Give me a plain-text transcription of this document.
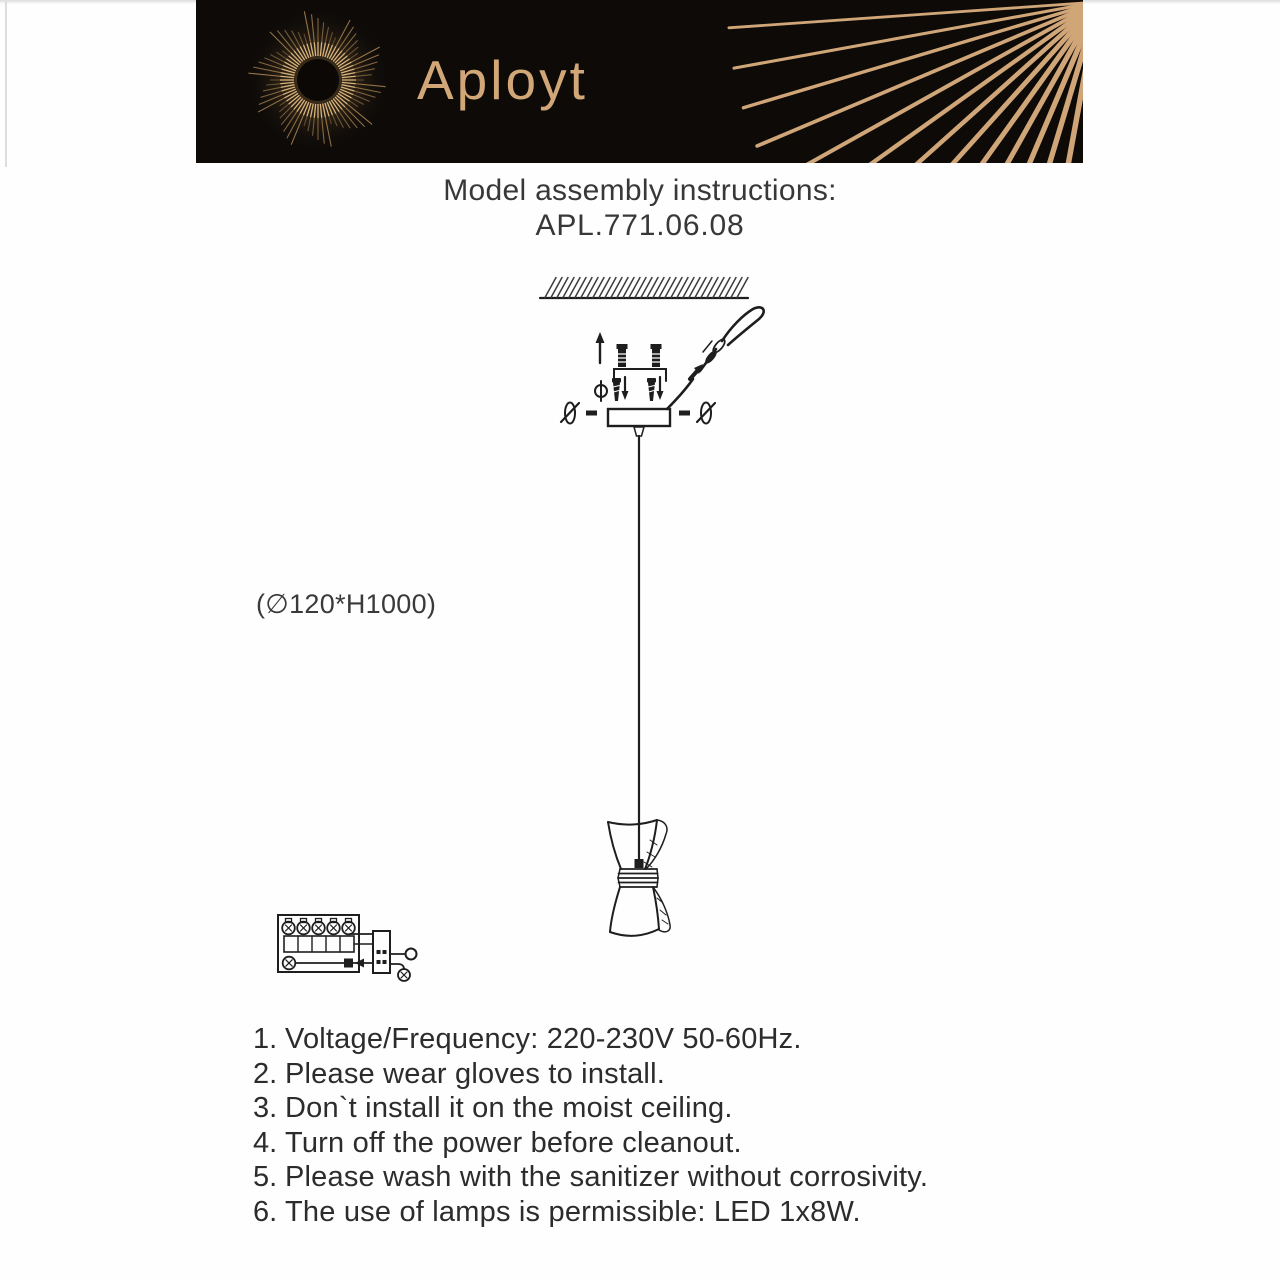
Aployt
Model assembly instructions:
APL.771.06.08
(∅120*H1000)
1. Voltage/Frequency: 220-230V 50-60Hz.
2. Please wear gloves to install.
3. Don`t install it on the moist ceiling.
4. Turn off the power before cleanout.
5. Please wash with the sanitizer without corrosivity.
6. The use of lamps is permissible: LED 1x8W.
